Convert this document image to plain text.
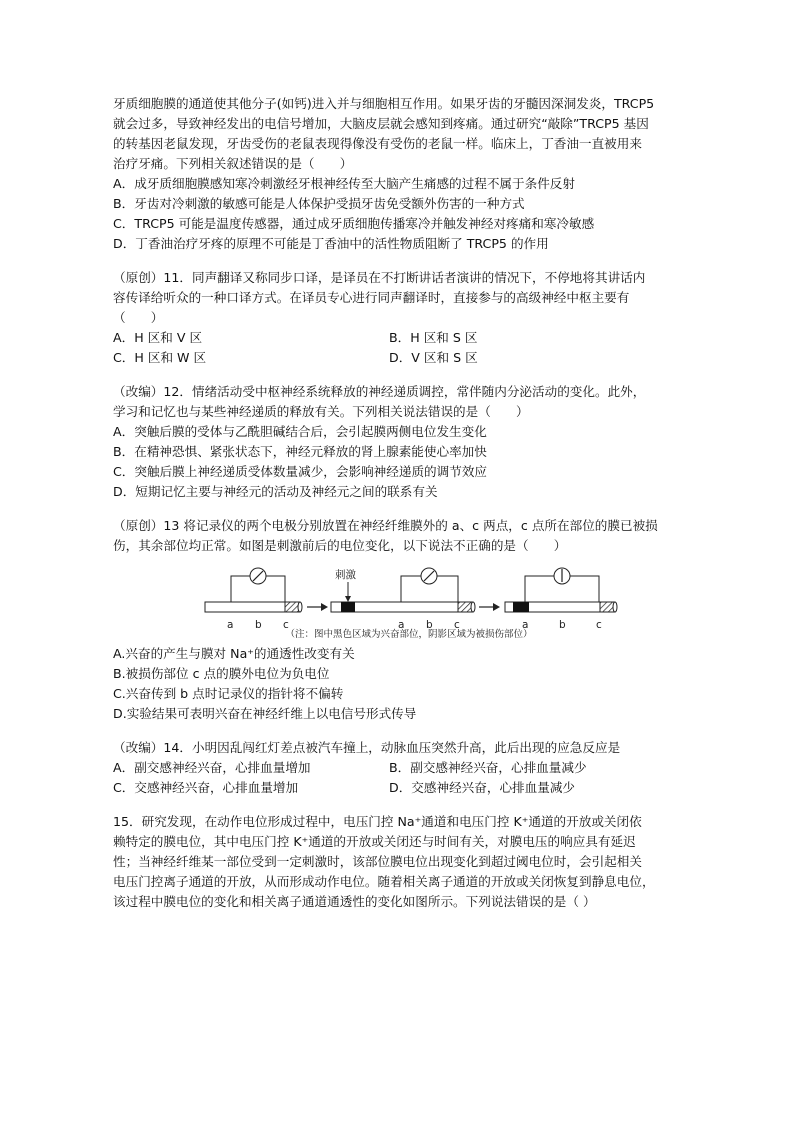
牙质细胞膜的通道使其他分子(如钙)进入并与细胞相互作用。如果牙齿的牙髓因深洞发炎，TRCP5

就会过多，导致神经发出的电信号增加，大脑皮层就会感知到疼痛。通过研究“敲除”TRCP5 基因

的转基因老鼠发现，牙齿受伤的老鼠表现得像没有受伤的老鼠一样。临床上，丁香油一直被用来

治疗牙痛。下列相关叙述错误的是（　　）

A．成牙质细胞膜感知寒冷刺激经牙根神经传至大脑产生痛感的过程不属于条件反射

B．牙齿对冷刺激的敏感可能是人体保护受损牙齿免受额外伤害的一种方式

C．TRCP5 可能是温度传感器，通过成牙质细胞传播寒冷并触发神经对疼痛和寒冷敏感

D．丁香油治疗牙疼的原理不可能是丁香油中的活性物质阻断了 TRCP5 的作用

（原创）11．同声翻译又称同步口译，是译员在不打断讲话者演讲的情况下，不停地将其讲话内

容传译给听众的一种口译方式。在译员专心进行同声翻译时，直接参与的高级神经中枢主要有

（　　）

A．H 区和 V 区	B．H 区和 S 区
C．H 区和 W 区	D．V 区和 S 区

（改编）12．情绪活动受中枢神经系统释放的神经递质调控，常伴随内分泌活动的变化。此外，

学习和记忆也与某些神经递质的释放有关。下列相关说法错误的是（　　）

A．突触后膜的受体与乙酰胆碱结合后，会引起膜两侧电位发生变化

B．在精神恐惧、紧张状态下，神经元释放的肾上腺素能使心率加快

C．突触后膜上神经递质受体数量减少，会影响神经递质的调节效应

D．短期记忆主要与神经元的活动及神经元之间的联系有关

（原创）13 将记录仪的两个电极分别放置在神经纤维膜外的 a、c 两点，c 点所在部位的膜已被损

伤，其余部位均正常。如图是刺激前后的电位变化，以下说法不正确的是（　　）

a b c
刺激
a b c	a	b	c

（注：图中黑色区域为兴奋部位，阴影区域为被损伤部位）

A.兴奋的产生与膜对 Na⁺的通透性改变有关

B.被损伤部位 c 点的膜外电位为负电位

C.兴奋传到 b 点时记录仪的指针将不偏转

D.实验结果可表明兴奋在神经纤维上以电信号形式传导

（改编）14．小明因乱闯红灯差点被汽车撞上，动脉血压突然升高，此后出现的应急反应是

A．副交感神经兴奋，心排血量增加	B．副交感神经兴奋，心排血量减少
C．交感神经兴奋，心排血量增加	D．交感神经兴奋，心排血量减少

15．研究发现，在动作电位形成过程中，电压门控 Na⁺通道和电压门控 K⁺通道的开放或关闭依

赖特定的膜电位，其中电压门控 K⁺通道的开放或关闭还与时间有关，对膜电压的响应具有延迟

性；当神经纤维某一部位受到一定刺激时，该部位膜电位出现变化到超过阈电位时，会引起相关

电压门控离子通道的开放，从而形成动作电位。随着相关离子通道的开放或关闭恢复到静息电位，

该过程中膜电位的变化和相关离子通道通透性的变化如图所示。下列说法错误的是（ ）
